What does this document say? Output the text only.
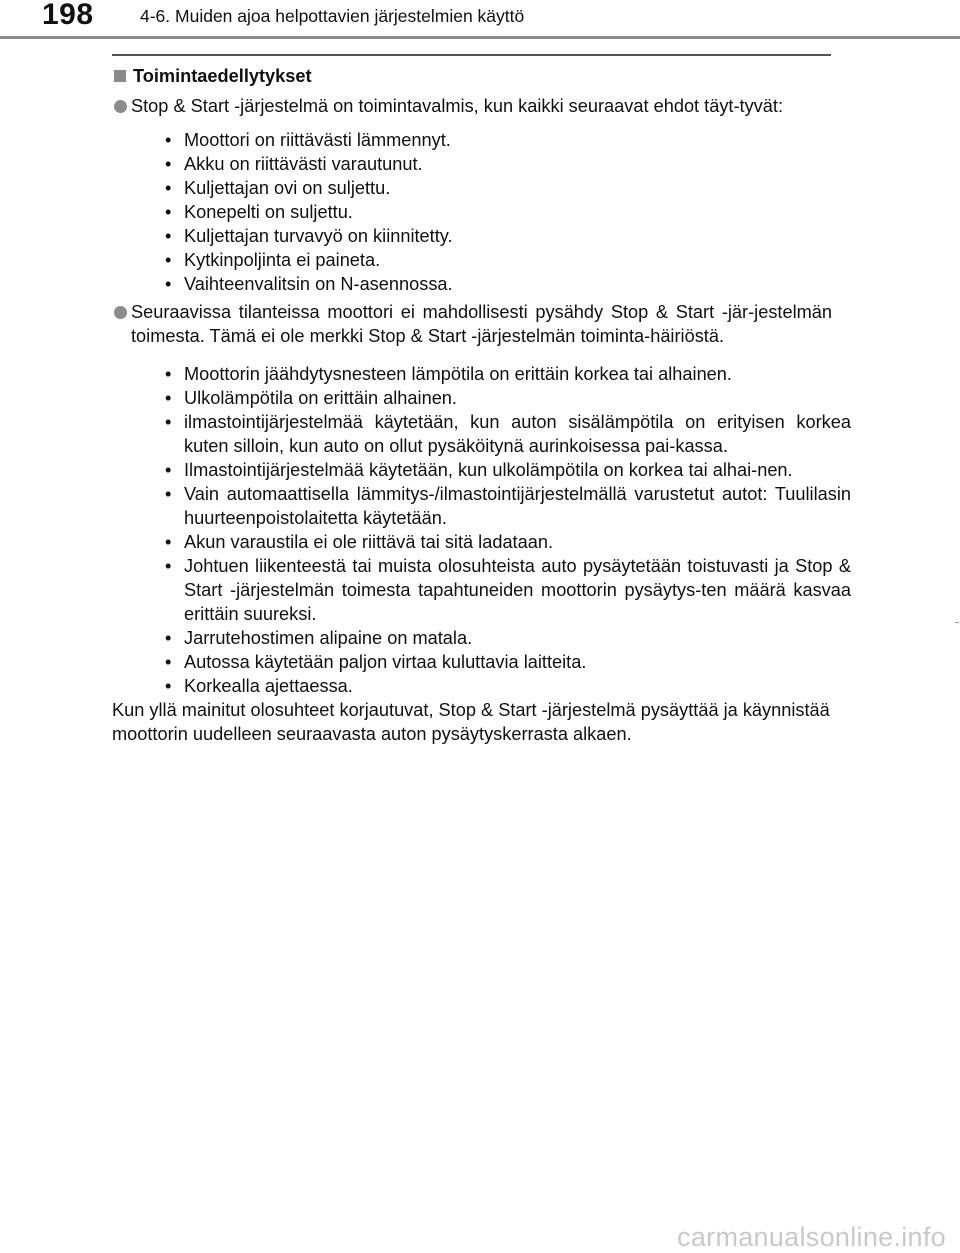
198	4-6. Muiden ajoa helpottavien järjestelmien käyttö
Toimintaedellytykset
Stop & Start -järjestelmä on toimintavalmis, kun kaikki seuraavat ehdot täyt-tyvät:
• Moottori on riittävästi lämmennyt.
• Akku on riittävästi varautunut.
• Kuljettajan ovi on suljettu.
• Konepelti on suljettu.
• Kuljettajan turvavyö on kiinnitetty.
• Kytkinpoljinta ei paineta.
• Vaihteenvalitsin on N-asennossa.
Seuraavissa tilanteissa moottori ei mahdollisesti pysähdy Stop & Start -jär-jestelmän toimesta. Tämä ei ole merkki Stop & Start -järjestelmän toiminta-häiriöstä.
• Moottorin jäähdytysnesteen lämpötila on erittäin korkea tai alhainen.
• Ulkolämpötila on erittäin alhainen.
• ilmastointijärjestelmää käytetään, kun auton sisälämpötila on erityisen korkea kuten silloin, kun auto on ollut pysäköitynä aurinkoisessa pai-kassa.
• Ilmastointijärjestelmää käytetään, kun ulkolämpötila on korkea tai alhai-nen.
• Vain automaattisella lämmitys-/ilmastointijärjestelmällä varustetut autot: Tuulilasin huurteenpoistolaitetta käytetään.
• Akun varaustila ei ole riittävä tai sitä ladataan.
• Johtuen liikenteestä tai muista olosuhteista auto pysäytetään toistuvasti ja Stop & Start -järjestelmän toimesta tapahtuneiden moottorin pysäytys-ten määrä kasvaa erittäin suureksi.
• Jarrutehostimen alipaine on matala.
• Autossa käytetään paljon virtaa kuluttavia laitteita.
• Korkealla ajettaessa.
Kun yllä mainitut olosuhteet korjautuvat, Stop & Start -järjestelmä pysäyttää ja käynnistää moottorin uudelleen seuraavasta auton pysäytyskerrasta alkaen.
carmanualsonline.info
